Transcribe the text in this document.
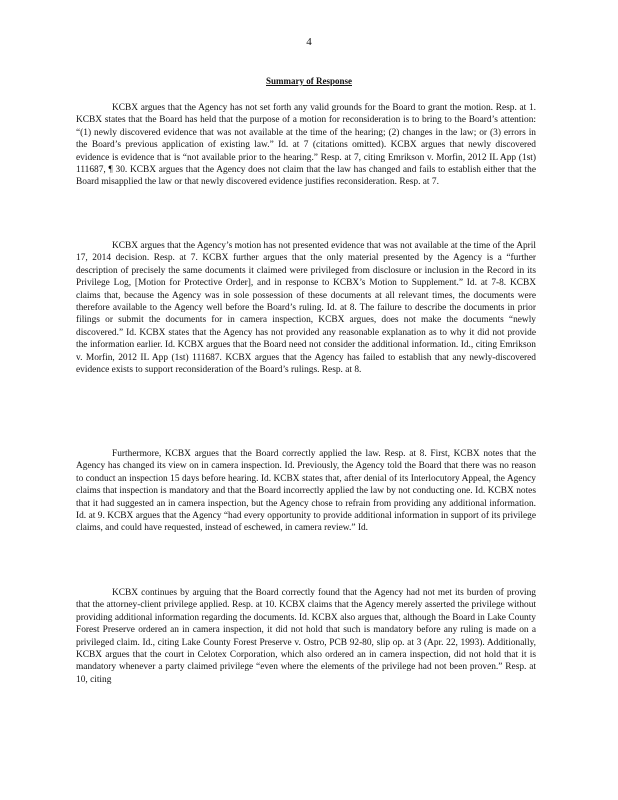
4
Summary of Response

KCBX argues that the Agency has not set forth any valid grounds for the Board to grant the motion. Resp. at 1. KCBX states that the Board has held that the purpose of a motion for reconsideration is to bring to the Board’s attention: “(1) newly discovered evidence that was not available at the time of the hearing; (2) changes in the law; or (3) errors in the Board’s previous application of existing law.” Id. at 7 (citations omitted). KCBX argues that newly discovered evidence is evidence that is “not available prior to the hearing.” Resp. at 7, citing Emrikson v. Morfin, 2012 IL App (1st) 111687, ¶ 30. KCBX argues that the Agency does not claim that the law has changed and fails to establish either that the Board misapplied the law or that newly discovered evidence justifies reconsideration. Resp. at 7.

KCBX argues that the Agency’s motion has not presented evidence that was not available at the time of the April 17, 2014 decision. Resp. at 7. KCBX further argues that the only material presented by the Agency is a “further description of precisely the same documents it claimed were privileged from disclosure or inclusion in the Record in its Privilege Log, [Motion for Protective Order], and in response to KCBX’s Motion to Supplement.” Id. at 7-8. KCBX claims that, because the Agency was in sole possession of these documents at all relevant times, the documents were therefore available to the Agency well before the Board’s ruling. Id. at 8. The failure to describe the documents in prior filings or submit the documents for in camera inspection, KCBX argues, does not make the documents “newly discovered.” Id. KCBX states that the Agency has not provided any reasonable explanation as to why it did not provide the information earlier. Id. KCBX argues that the Board need not consider the additional information. Id., citing Emrikson v. Morfin, 2012 IL App (1st) 111687. KCBX argues that the Agency has failed to establish that any newly-discovered evidence exists to support reconsideration of the Board’s rulings. Resp. at 8.

Furthermore, KCBX argues that the Board correctly applied the law. Resp. at 8. First, KCBX notes that the Agency has changed its view on in camera inspection. Id. Previously, the Agency told the Board that there was no reason to conduct an inspection 15 days before hearing. Id. KCBX states that, after denial of its Interlocutory Appeal, the Agency claims that inspection is mandatory and that the Board incorrectly applied the law by not conducting one. Id. KCBX notes that it had suggested an in camera inspection, but the Agency chose to refrain from providing any additional information. Id. at 9. KCBX argues that the Agency “had every opportunity to provide additional information in support of its privilege claims, and could have requested, instead of eschewed, in camera review.” Id.

KCBX continues by arguing that the Board correctly found that the Agency had not met its burden of proving that the attorney-client privilege applied. Resp. at 10. KCBX claims that the Agency merely asserted the privilege without providing additional information regarding the documents. Id. KCBX also argues that, although the Board in Lake County Forest Preserve ordered an in camera inspection, it did not hold that such is mandatory before any ruling is made on a privileged claim. Id., citing Lake County Forest Preserve v. Ostro, PCB 92-80, slip op. at 3 (Apr. 22, 1993). Additionally, KCBX argues that the court in Celotex Corporation, which also ordered an in camera inspection, did not hold that it is mandatory whenever a party claimed privilege “even where the elements of the privilege had not been proven.” Resp. at 10, citing
